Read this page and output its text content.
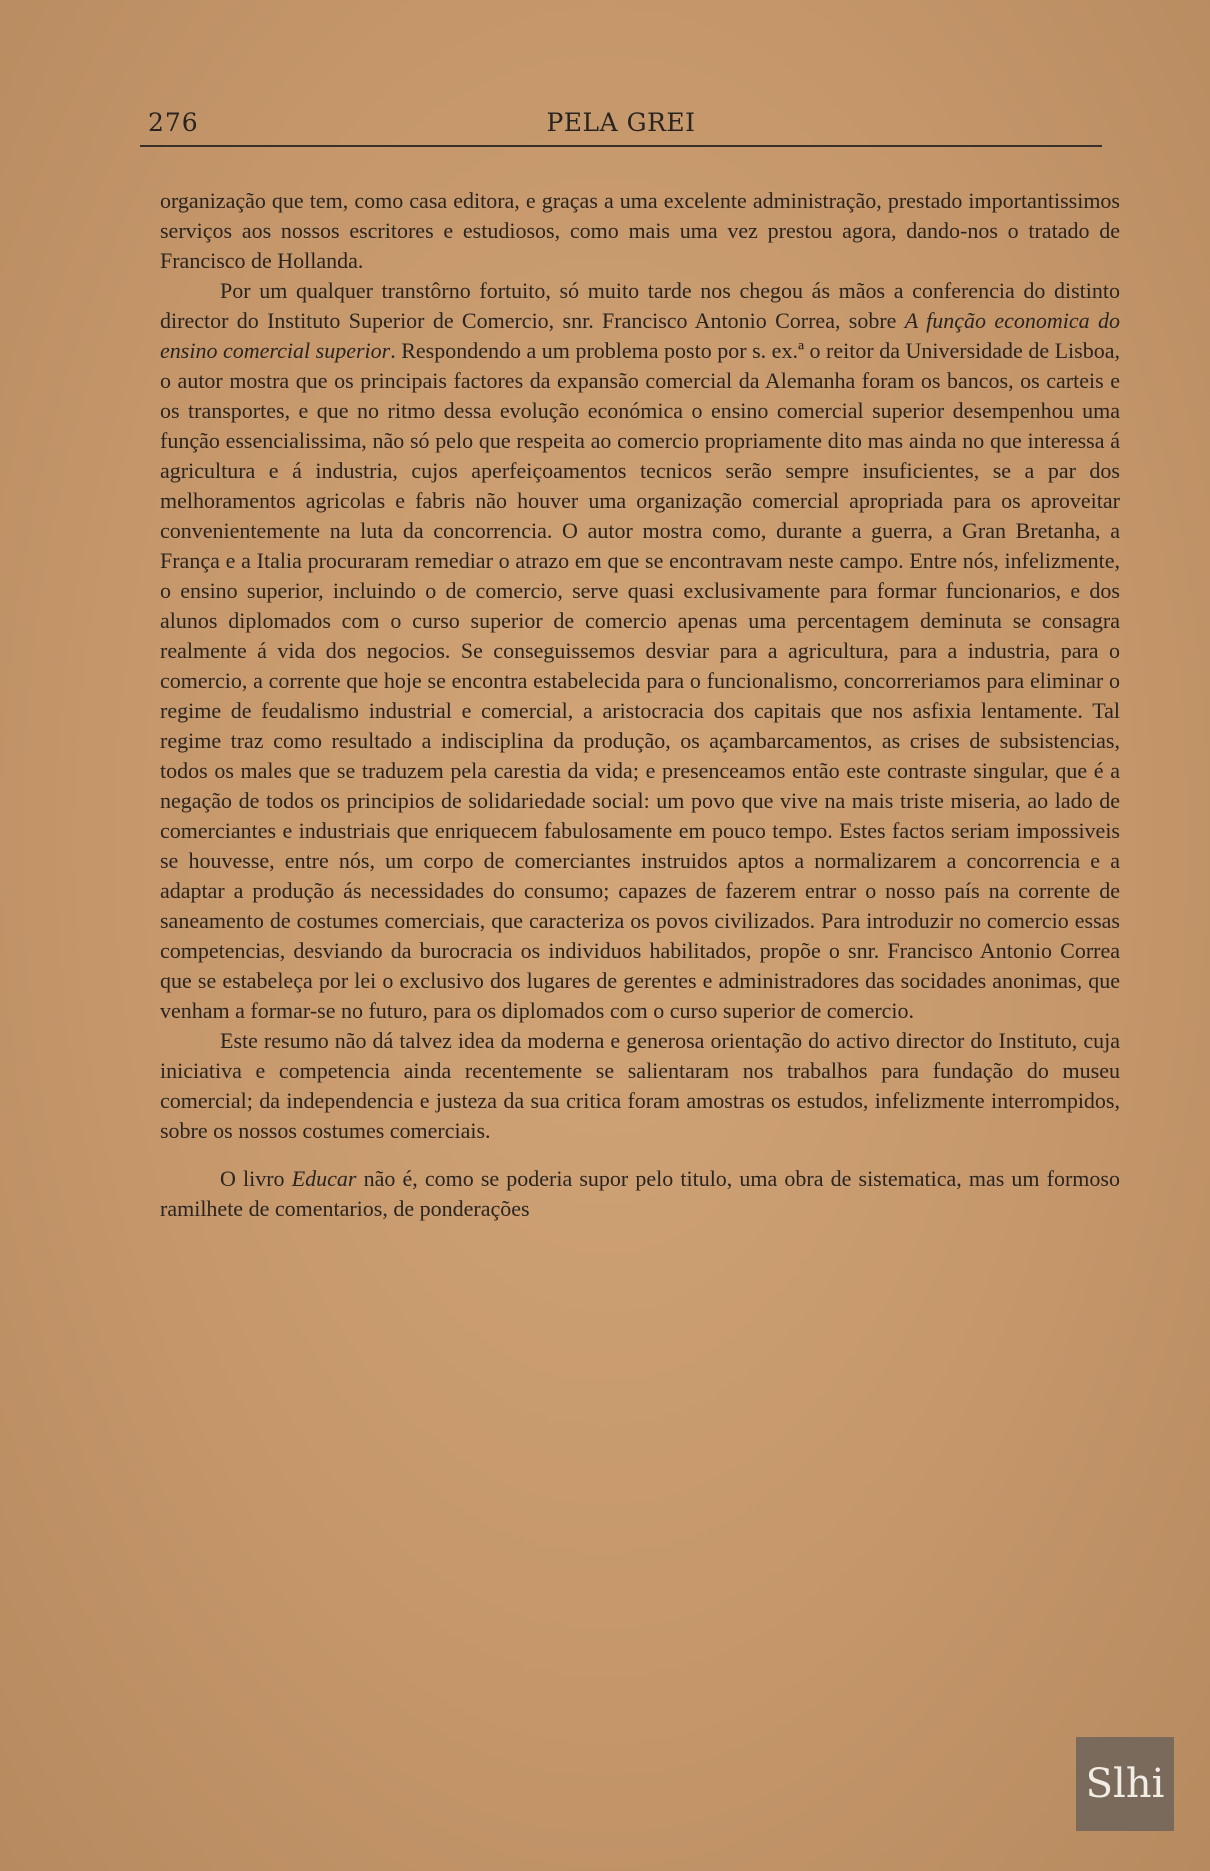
276	PELA GREI

organização que tem, como casa editora, e graças a uma excelente administração, prestado importantissimos serviços aos nossos escritores e estudiosos, como mais uma vez prestou agora, dando-nos o tratado de Francisco de Hollanda.

Por um qualquer transtôrno fortuito, só muito tarde nos chegou ás mãos a conferencia do distinto director do Instituto Superior de Comercio, snr. Francisco Antonio Correa, sobre A função economica do ensino comercial superior. Respondendo a um problema posto por s. ex.ª o reitor da Universidade de Lisboa, o autor mostra que os principais factores da expansão comercial da Alemanha foram os bancos, os carteis e os transportes, e que no ritmo dessa evolução económica o ensino comercial superior desempenhou uma função essencialissima, não só pelo que respeita ao comercio propriamente dito mas ainda no que interessa á agricultura e á industria, cujos aperfeiçoamentos tecnicos serão sempre insuficientes, se a par dos melhoramentos agricolas e fabris não houver uma organização comercial apropriada para os aproveitar convenientemente na luta da concorrencia. O autor mostra como, durante a guerra, a Gran Bretanha, a França e a Italia procuraram remediar o atrazo em que se encontravam neste campo. Entre nós, infelizmente, o ensino superior, incluindo o de comercio, serve quasi exclusivamente para formar funcionarios, e dos alunos diplomados com o curso superior de comercio apenas uma percentagem deminuta se consagra realmente á vida dos negocios. Se conseguissemos desviar para a agricultura, para a industria, para o comercio, a corrente que hoje se encontra estabelecida para o funcionalismo, concorreriamos para eliminar o regime de feudalismo industrial e comercial, a aristocracia dos capitais que nos asfixia lentamente. Tal regime traz como resultado a indisciplina da produção, os açambarcamentos, as crises de subsistencias, todos os males que se traduzem pela carestia da vida; e presenceamos então este contraste singular, que é a negação de todos os principios de solidariedade social: um povo que vive na mais triste miseria, ao lado de comerciantes e industriais que enriquecem fabulosamente em pouco tempo. Estes factos seriam impossiveis se houvesse, entre nós, um corpo de comerciantes instruidos aptos a normalizarem a concorrencia e a adaptar a produção ás necessidades do consumo; capazes de fazerem entrar o nosso país na corrente de saneamento de costumes comerciais, que caracteriza os povos civilizados. Para introduzir no comercio essas competencias, desviando da burocracia os individuos habilitados, propõe o snr. Francisco Antonio Correa que se estabeleça por lei o exclusivo dos lugares de gerentes e administradores das socidades anonimas, que venham a formar-se no futuro, para os diplomados com o curso superior de comercio.

Este resumo não dá talvez idea da moderna e generosa orientação do activo director do Instituto, cuja iniciativa e competencia ainda recentemente se salientaram nos trabalhos para fundação do museu comercial; da independencia e justeza da sua critica foram amostras os estudos, infelizmente interrompidos, sobre os nossos costumes comerciais.

O livro Educar não é, como se poderia supor pelo titulo, uma obra de sistematica, mas um formoso ramilhete de comentarios, de ponderações

Slhi
